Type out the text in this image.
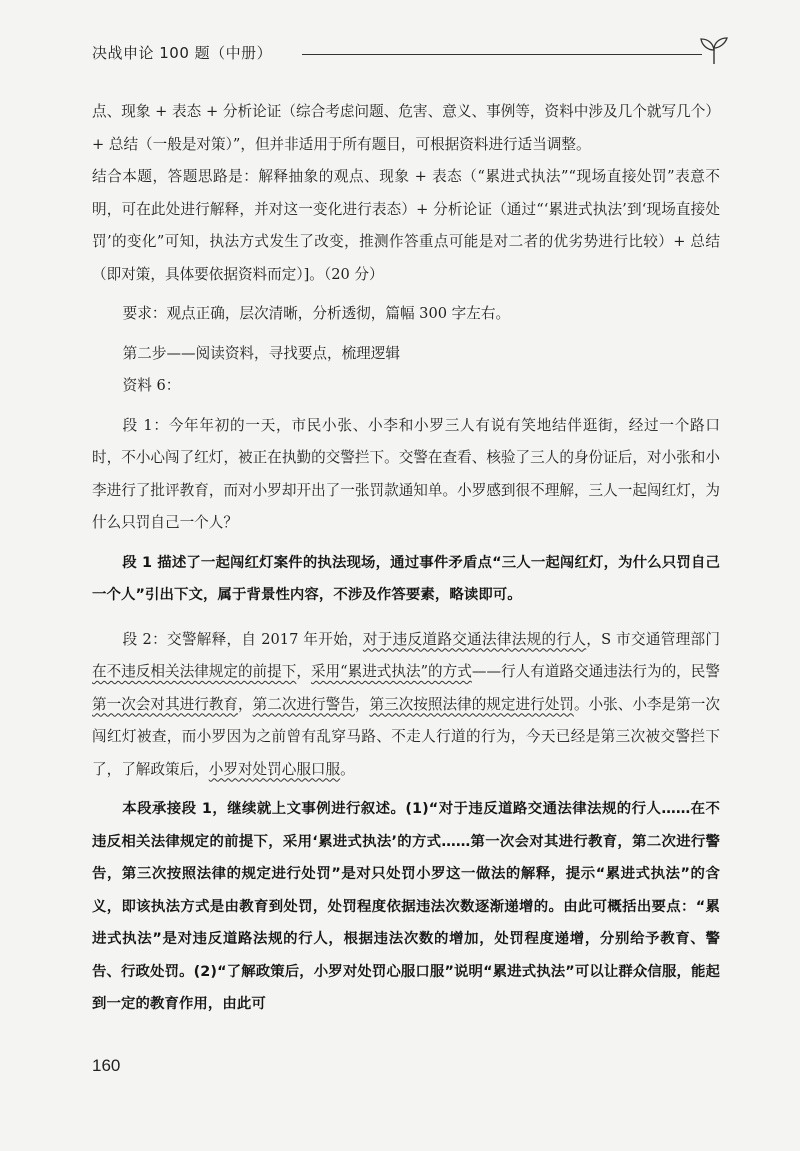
决战申论 100 题（中册）

点、现象 + 表态 + 分析论证（综合考虑问题、危害、意义、事例等，资料中涉及几个就写几个）+ 总结（一般是对策）”，但并非适用于所有题目，可根据资料进行适当调整。

结合本题，答题思路是：解释抽象的观点、现象 + 表态（“累进式执法”“现场直接处罚”表意不明，可在此处进行解释，并对这一变化进行表态）+ 分析论证（通过“‘累进式执法’到‘现场直接处罚’的变化”可知，执法方式发生了改变，推测作答重点可能是对二者的优劣势进行比较）+ 总结（即对策，具体要依据资料而定）]。（20 分）

要求：观点正确，层次清晰，分析透彻，篇幅 300 字左右。

第二步——阅读资料，寻找要点，梳理逻辑

资料 6：

段 1：今年年初的一天，市民小张、小李和小罗三人有说有笑地结伴逛街，经过一个路口时，不小心闯了红灯，被正在执勤的交警拦下。交警在查看、核验了三人的身份证后，对小张和小李进行了批评教育，而对小罗却开出了一张罚款通知单。小罗感到很不理解，三人一起闯红灯，为什么只罚自己一个人？

段 1 描述了一起闯红灯案件的执法现场，通过事件矛盾点“三人一起闯红灯，为什么只罚自己一个人”引出下文，属于背景性内容，不涉及作答要素，略读即可。

段 2：交警解释，自 2017 年开始，对于违反道路交通法律法规的行人，S 市交通管理部门在不违反相关法律规定的前提下，采用“累进式执法”的方式——行人有道路交通违法行为的，民警第一次会对其进行教育，第二次进行警告，第三次按照法律的规定进行处罚。小张、小李是第一次闯红灯被查，而小罗因为之前曾有乱穿马路、不走人行道的行为，今天已经是第三次被交警拦下了，了解政策后，小罗对处罚心服口服。

本段承接段 1，继续就上文事例进行叙述。(1)“对于违反道路交通法律法规的行人……在不违反相关法律规定的前提下，采用‘累进式执法’的方式……第一次会对其进行教育，第二次进行警告，第三次按照法律的规定进行处罚”是对只处罚小罗这一做法的解释，提示“累进式执法”的含义，即该执法方式是由教育到处罚，处罚程度依据违法次数逐渐递增的。由此可概括出要点：“累进式执法”是对违反道路法规的行人，根据违法次数的增加，处罚程度递增，分别给予教育、警告、行政处罚。(2)“了解政策后，小罗对处罚心服口服”说明“累进式执法”可以让群众信服，能起到一定的教育作用，由此可

160
